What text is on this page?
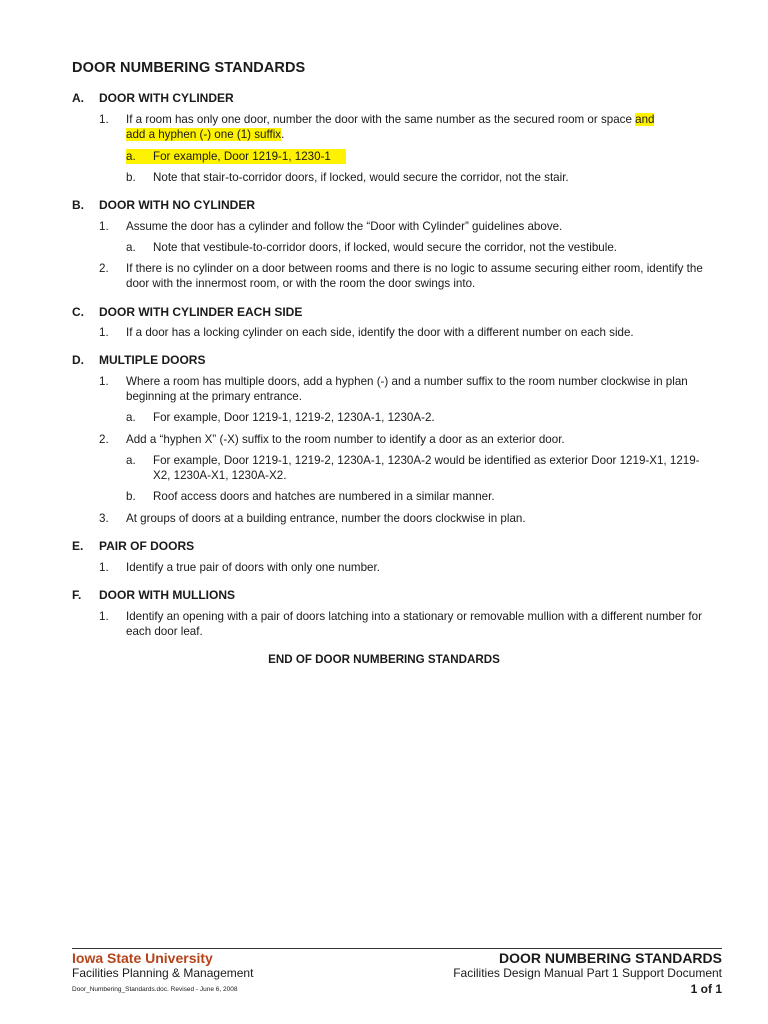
DOOR NUMBERING STANDARDS
A. DOOR WITH CYLINDER
1. If a room has only one door, number the door with the same number as the secured room or space and
add a hyphen (-) one (1) suffix.
a. For example, Door 1219-1, 1230-1
b. Note that stair-to-corridor doors, if locked, would secure the corridor, not the stair.
B. DOOR WITH NO CYLINDER
1. Assume the door has a cylinder and follow the “Door with Cylinder” guidelines above.
a. Note that vestibule-to-corridor doors, if locked, would secure the corridor, not the vestibule.
2. If there is no cylinder on a door between rooms and there is no logic to assume securing either room, identify the door with the innermost room, or with the room the door swings into.
C. DOOR WITH CYLINDER EACH SIDE
1. If a door has a locking cylinder on each side, identify the door with a different number on each side.
D. MULTIPLE DOORS
1. Where a room has multiple doors, add a hyphen (-) and a number suffix to the room number clockwise in plan beginning at the primary entrance.
a. For example, Door 1219-1, 1219-2, 1230A-1, 1230A-2.
2. Add a “hyphen X” (-X) suffix to the room number to identify a door as an exterior door.
a. For example, Door 1219-1, 1219-2, 1230A-1, 1230A-2 would be identified as exterior Door 1219-X1, 1219-X2, 1230A-X1, 1230A-X2.
b. Roof access doors and hatches are numbered in a similar manner.
3. At groups of doors at a building entrance, number the doors clockwise in plan.
E. PAIR OF DOORS
1. Identify a true pair of doors with only one number.
F. DOOR WITH MULLIONS
1. Identify an opening with a pair of doors latching into a stationary or removable mullion with a different number for each door leaf.
END OF DOOR NUMBERING STANDARDS
Iowa State University
Facilities Planning & Management
Door_Numbering_Standards.doc. Revised - June 6, 2008
DOOR NUMBERING STANDARDS
Facilities Design Manual Part 1 Support Document
1 of 1
